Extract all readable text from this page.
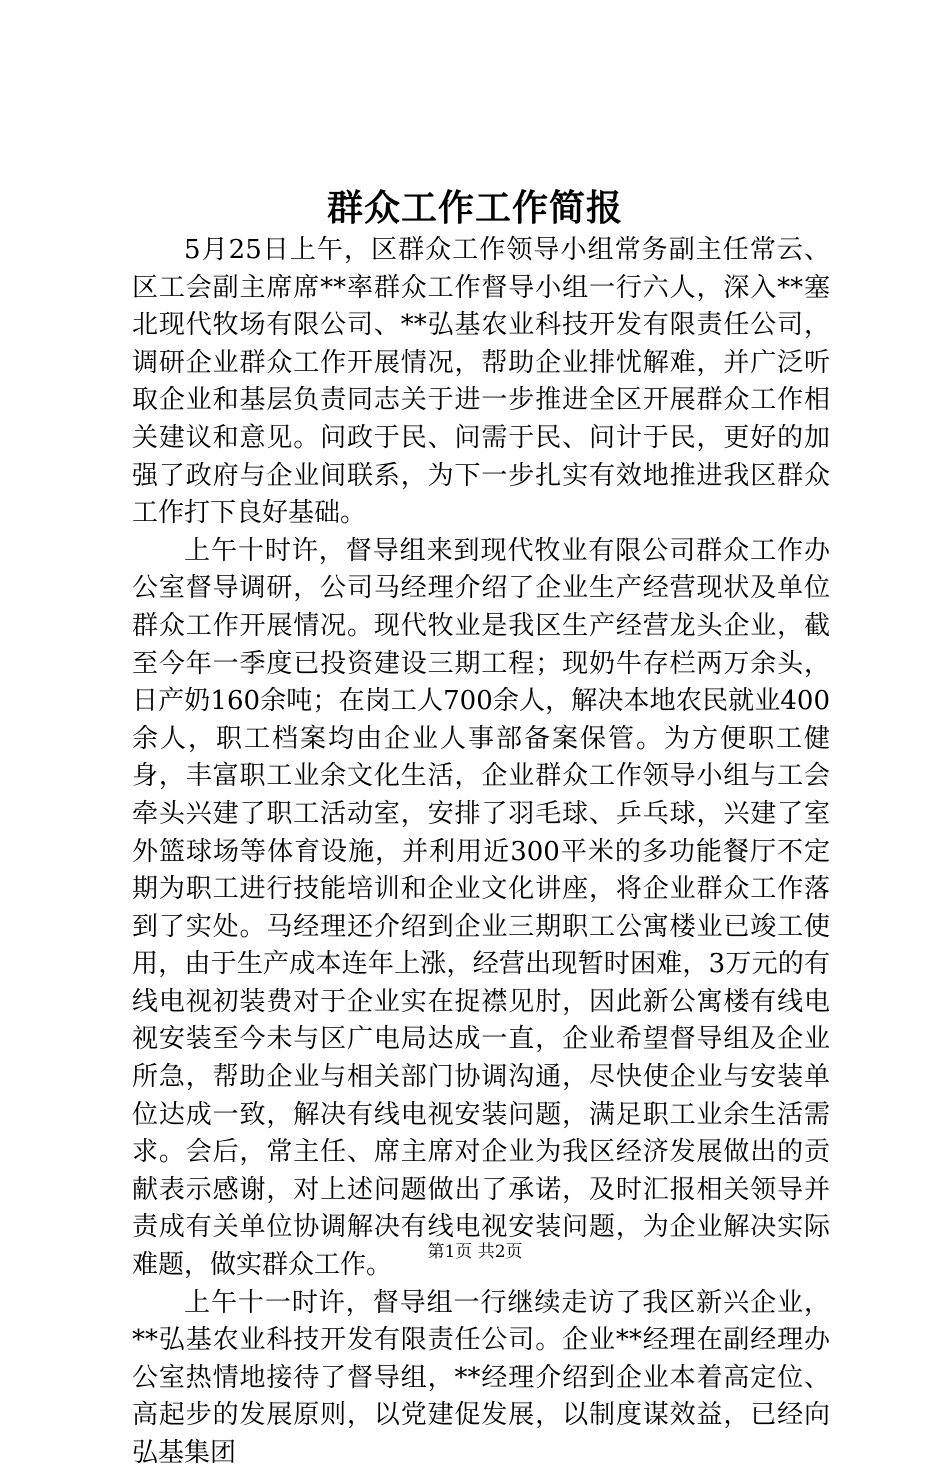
群众工作工作简报

5月25日上午，区群众工作领导小组常务副主任常云、区工会副主席席**率群众工作督导小组一行六人，深入**塞北现代牧场有限公司、**弘基农业科技开发有限责任公司，调研企业群众工作开展情况，帮助企业排忧解难，并广泛听取企业和基层负责同志关于进一步推进全区开展群众工作相关建议和意见。问政于民、问需于民、问计于民，更好的加强了政府与企业间联系，为下一步扎实有效地推进我区群众工作打下良好基础。

上午十时许，督导组来到现代牧业有限公司群众工作办公室督导调研，公司马经理介绍了企业生产经营现状及单位群众工作开展情况。现代牧业是我区生产经营龙头企业，截至今年一季度已投资建设三期工程；现奶牛存栏两万余头，日产奶160余吨；在岗工人700余人，解决本地农民就业400余人，职工档案均由企业人事部备案保管。为方便职工健身，丰富职工业余文化生活，企业群众工作领导小组与工会牵头兴建了职工活动室，安排了羽毛球、乒乓球，兴建了室外篮球场等体育设施，并利用近300平米的多功能餐厅不定期为职工进行技能培训和企业文化讲座，将企业群众工作落到了实处。马经理还介绍到企业三期职工公寓楼业已竣工使用，由于生产成本连年上涨，经营出现暂时困难，3万元的有线电视初装费对于企业实在捉襟见肘，因此新公寓楼有线电视安装至今未与区广电局达成一直，企业希望督导组及企业所急，帮助企业与相关部门协调沟通，尽快使企业与安装单位达成一致，解决有线电视安装问题，满足职工业余生活需求。会后，常主任、席主席对企业为我区经济发展做出的贡献表示感谢，对上述问题做出了承诺，及时汇报相关领导并责成有关单位协调解决有线电视安装问题，为企业解决实际难题，做实群众工作。

上午十一时许，督导组一行继续走访了我区新兴企业，**弘基农业科技开发有限责任公司。企业**经理在副经理办公室热情地接待了督导组，**经理介绍到企业本着高定位、高起步的发展原则，以党建促发展，以制度谋效益，已经向弘基集团

第1页 共2页
